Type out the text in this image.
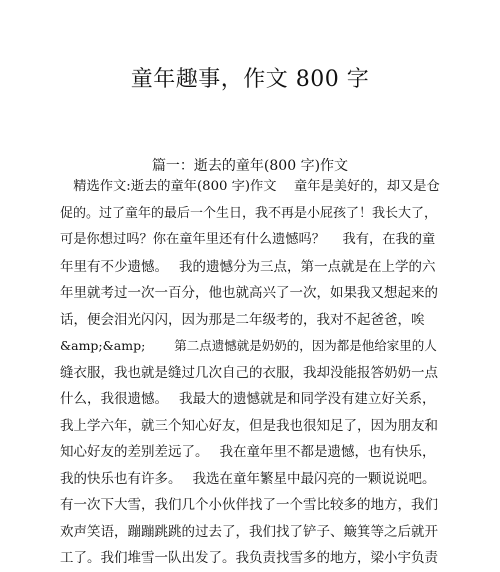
童年趣事，作文 800 字
篇一：逝去的童年(800 字)作文
　精选作文:逝去的童年(800 字)作文　 童年是美好的，却又是仓
促的。过了童年的最后一个生日，我不再是小屁孩了！我长大了，
可是你想过吗？你在童年里还有什么遗憾吗？　 我有，在我的童
年里有不少遗憾。　 我的遗憾分为三点，第一点就是在上学的六
年里就考过一次一百分，他也就高兴了一次，如果我又想起来的
话，便会泪光闪闪，因为那是二年级考的，我对不起爸爸，唉
&amp;&amp;　　 第二点遗憾就是奶奶的，因为都是他给家里的人
缝衣服，我也就是缝过几次自己的衣服，我却没能报答奶奶一点
什么，我很遗憾。　 我最大的遗憾就是和同学没有建立好关系，
我上学六年，就三个知心好友，但是我也很知足了，因为朋友和
知心好友的差别差远了。　 我在童年里不都是遗憾，也有快乐，
我的快乐也有许多。　 我选在童年繁星中最闪亮的一颗说说吧。
有一次下大雪，我们几个小伙伴找了一个雪比较多的地方，我们
欢声笑语，蹦蹦跳跳的过去了，我们找了铲子、簸箕等之后就开
工了。我们堆雪一队出发了。我负责找雪多的地方，梁小宇负责
